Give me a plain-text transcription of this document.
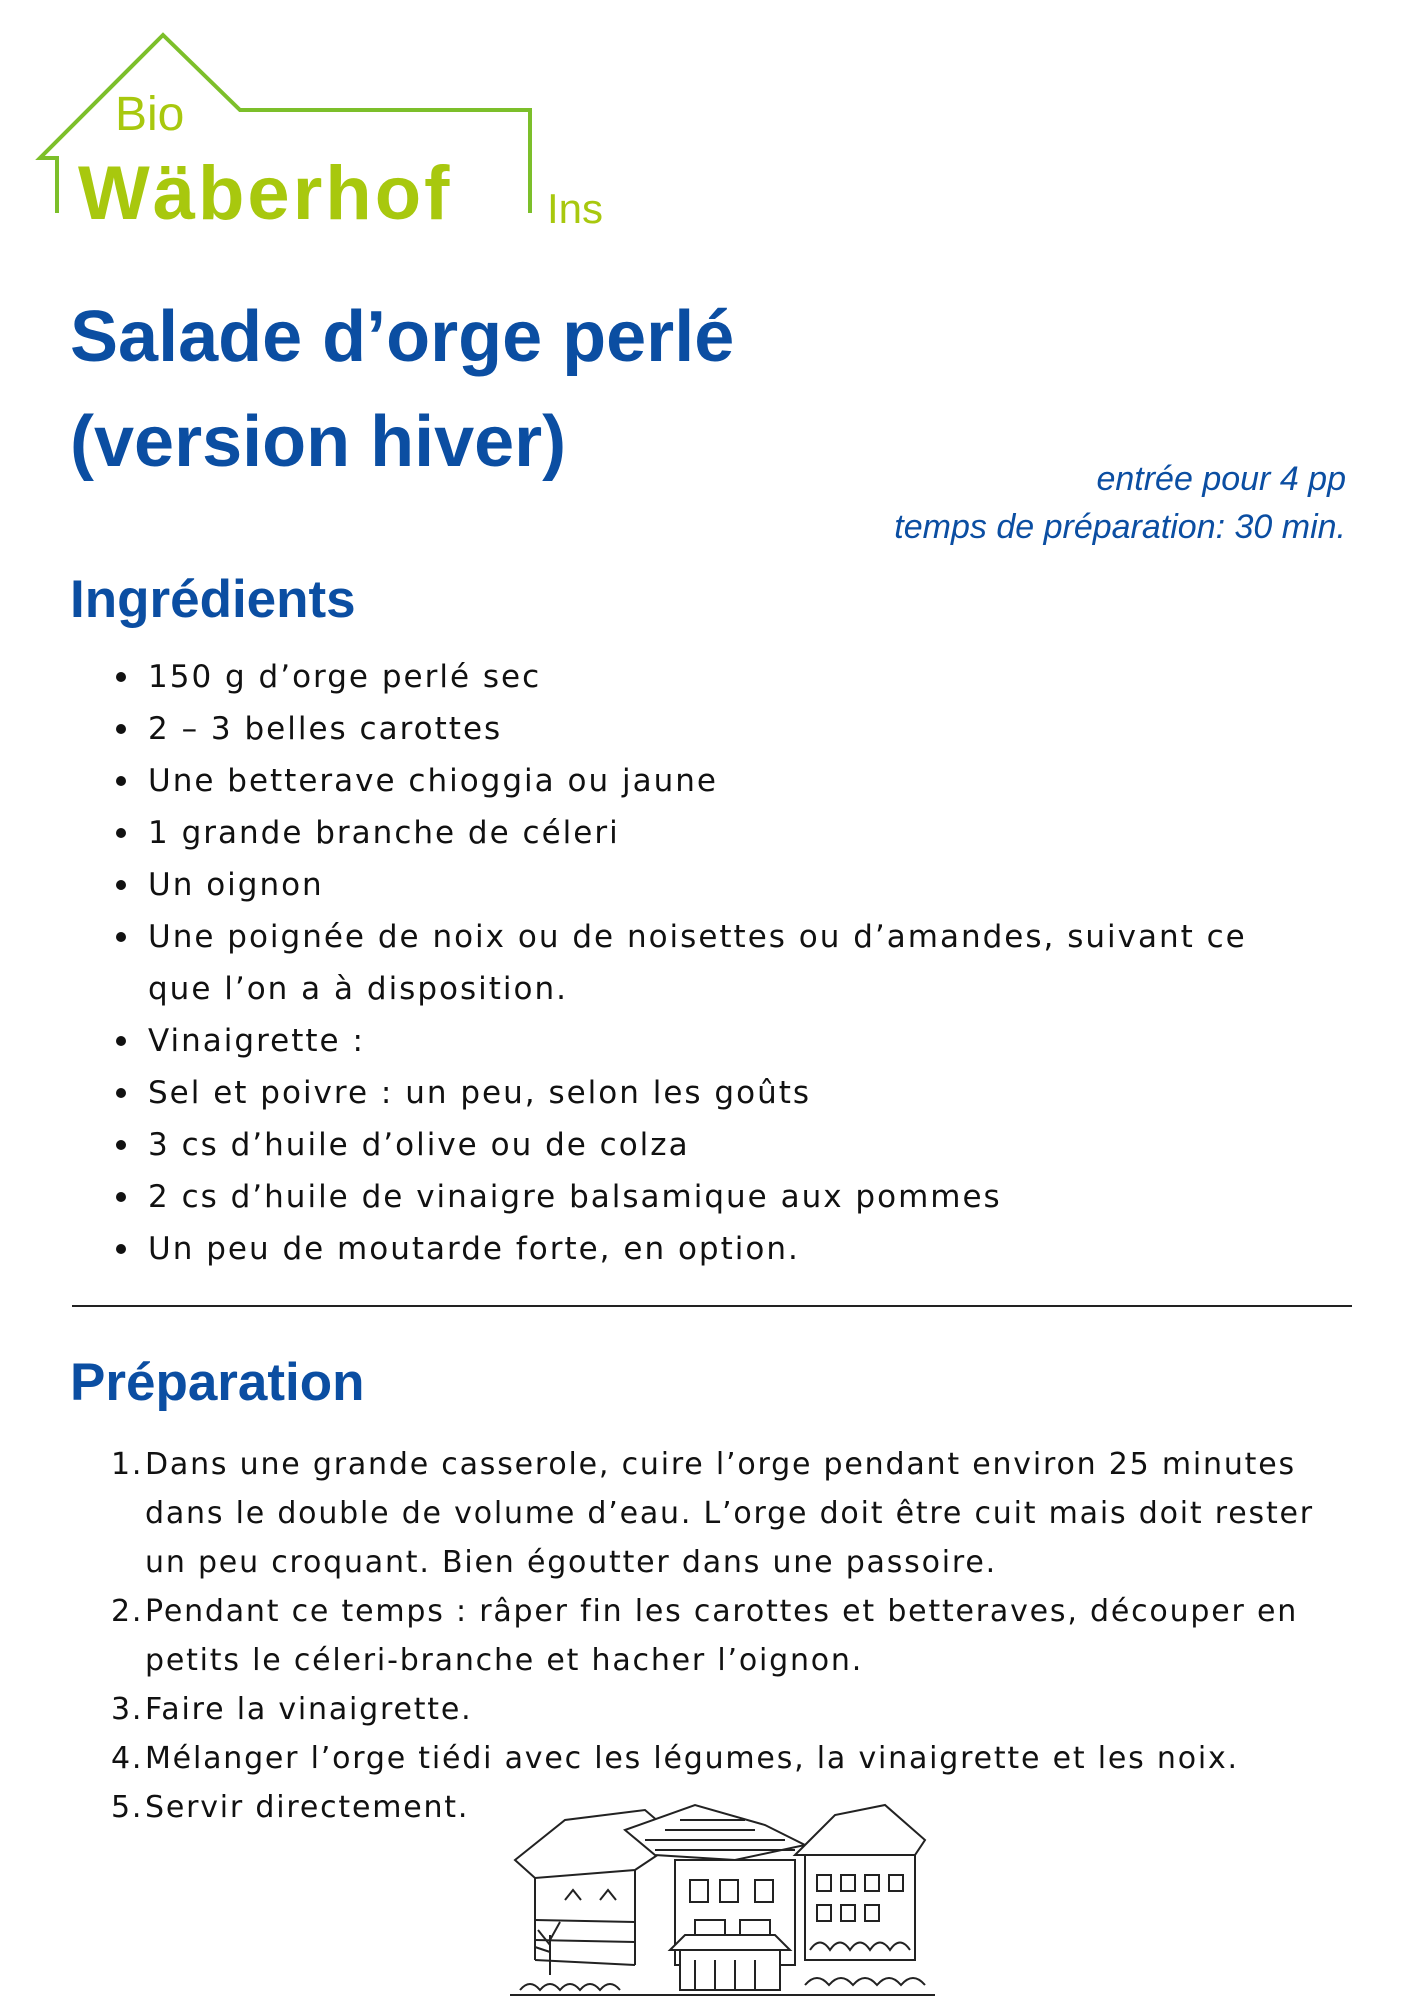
Bio
Wäberhof Ins
Salade d’orge perlé
(version hiver)	entrée pour 4 pp
temps de préparation: 30 min.
Ingrédients
150 g d’orge perlé sec
2 – 3 belles carottes
Une betterave chioggia ou jaune
1 grande branche de céleri
Un oignon
Une poignée de noix ou de noisettes ou d’amandes, suivant ce que l’on a à disposition.
Vinaigrette :
Sel et poivre : un peu, selon les goûts
3 cs d’huile d’olive ou de colza
2 cs d’huile de vinaigre balsamique aux pommes
Un peu de moutarde forte, en option.
Préparation
1. Dans une grande casserole, cuire l’orge pendant environ 25 minutes dans le double de volume d’eau. L’orge doit être cuit mais doit rester un peu croquant. Bien égoutter dans une passoire.
2. Pendant ce temps : râper fin les carottes et betteraves, découper en petits le céleri-branche et hacher l’oignon.
3. Faire la vinaigrette.
4. Mélanger l’orge tiédi avec les légumes, la vinaigrette et les noix.
5. Servir directement.
